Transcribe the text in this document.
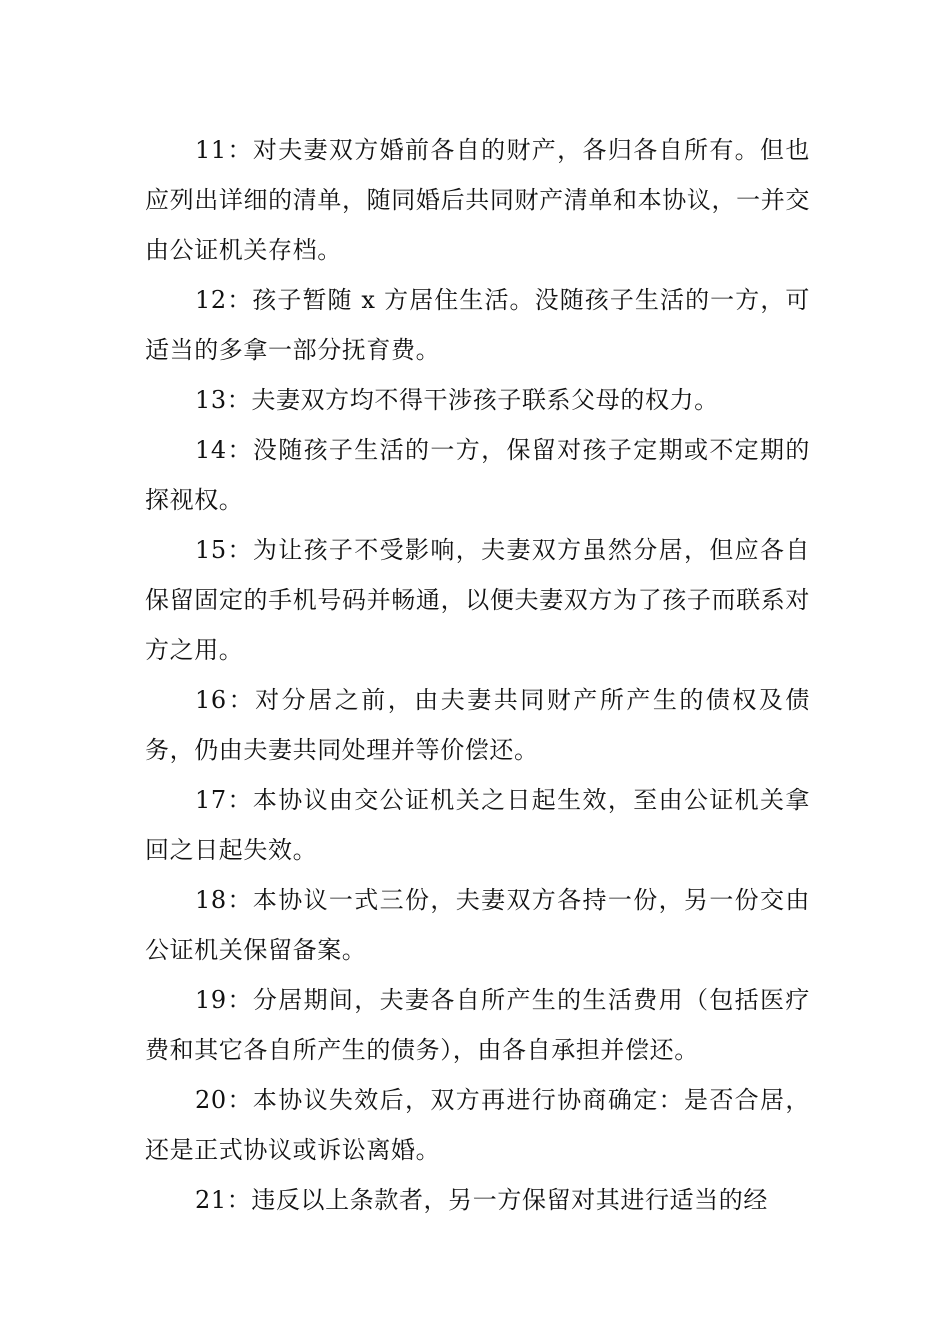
11：对夫妻双方婚前各自的财产，各归各自所有。但也应列出详细的清单，随同婚后共同财产清单和本协议，一并交由公证机关存档。

12：孩子暂随 x 方居住生活。没随孩子生活的一方，可适当的多拿一部分抚育费。

13：夫妻双方均不得干涉孩子联系父母的权力。

14：没随孩子生活的一方，保留对孩子定期或不定期的探视权。

15：为让孩子不受影响，夫妻双方虽然分居，但应各自保留固定的手机号码并畅通，以便夫妻双方为了孩子而联系对方之用。

16：对分居之前，由夫妻共同财产所产生的债权及债务，仍由夫妻共同处理并等价偿还。

17：本协议由交公证机关之日起生效，至由公证机关拿回之日起失效。

18：本协议一式三份，夫妻双方各持一份，另一份交由公证机关保留备案。

19：分居期间，夫妻各自所产生的生活费用（包括医疗费和其它各自所产生的债务），由各自承担并偿还。

20：本协议失效后，双方再进行协商确定：是否合居，还是正式协议或诉讼离婚。

21：违反以上条款者，另一方保留对其进行适当的经
